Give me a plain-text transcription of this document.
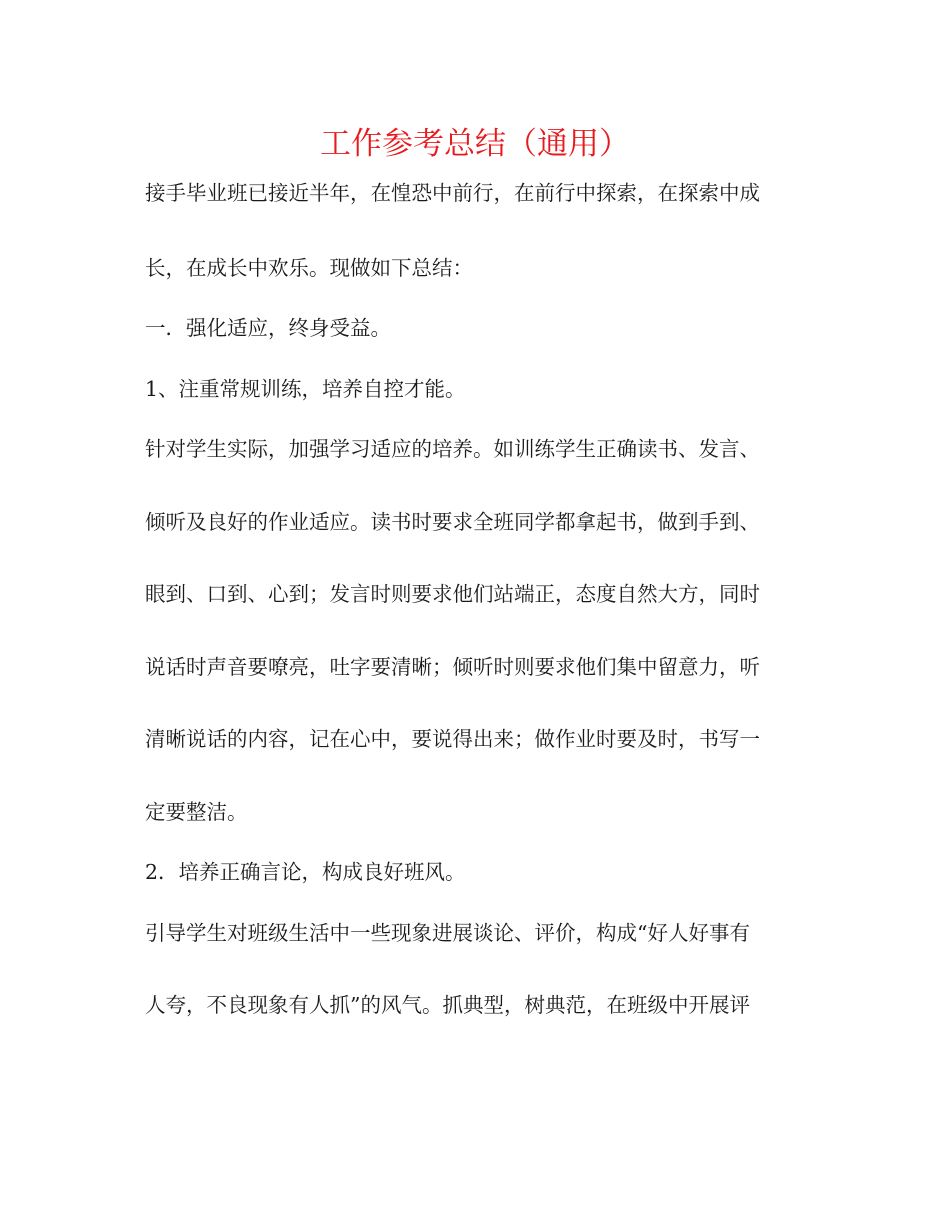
工作参考总结（通用）
接手毕业班已接近半年，在惶恐中前行，在前行中探索，在探索中成
长，在成长中欢乐。现做如下总结：
一．强化适应，终身受益。
1、注重常规训练，培养自控才能。
针对学生实际，加强学习适应的培养。如训练学生正确读书、发言、
倾听及良好的作业适应。读书时要求全班同学都拿起书，做到手到、
眼到、口到、心到；发言时则要求他们站端正，态度自然大方，同时
说话时声音要嘹亮，吐字要清晰；倾听时则要求他们集中留意力，听
清晰说话的内容，记在心中，要说得出来；做作业时要及时，书写一
定要整洁。
2．培养正确言论，构成良好班风。
引导学生对班级生活中一些现象进展谈论、评价，构成“好人好事有
人夸，不良现象有人抓”的风气。抓典型，树典范，在班级中开展评
